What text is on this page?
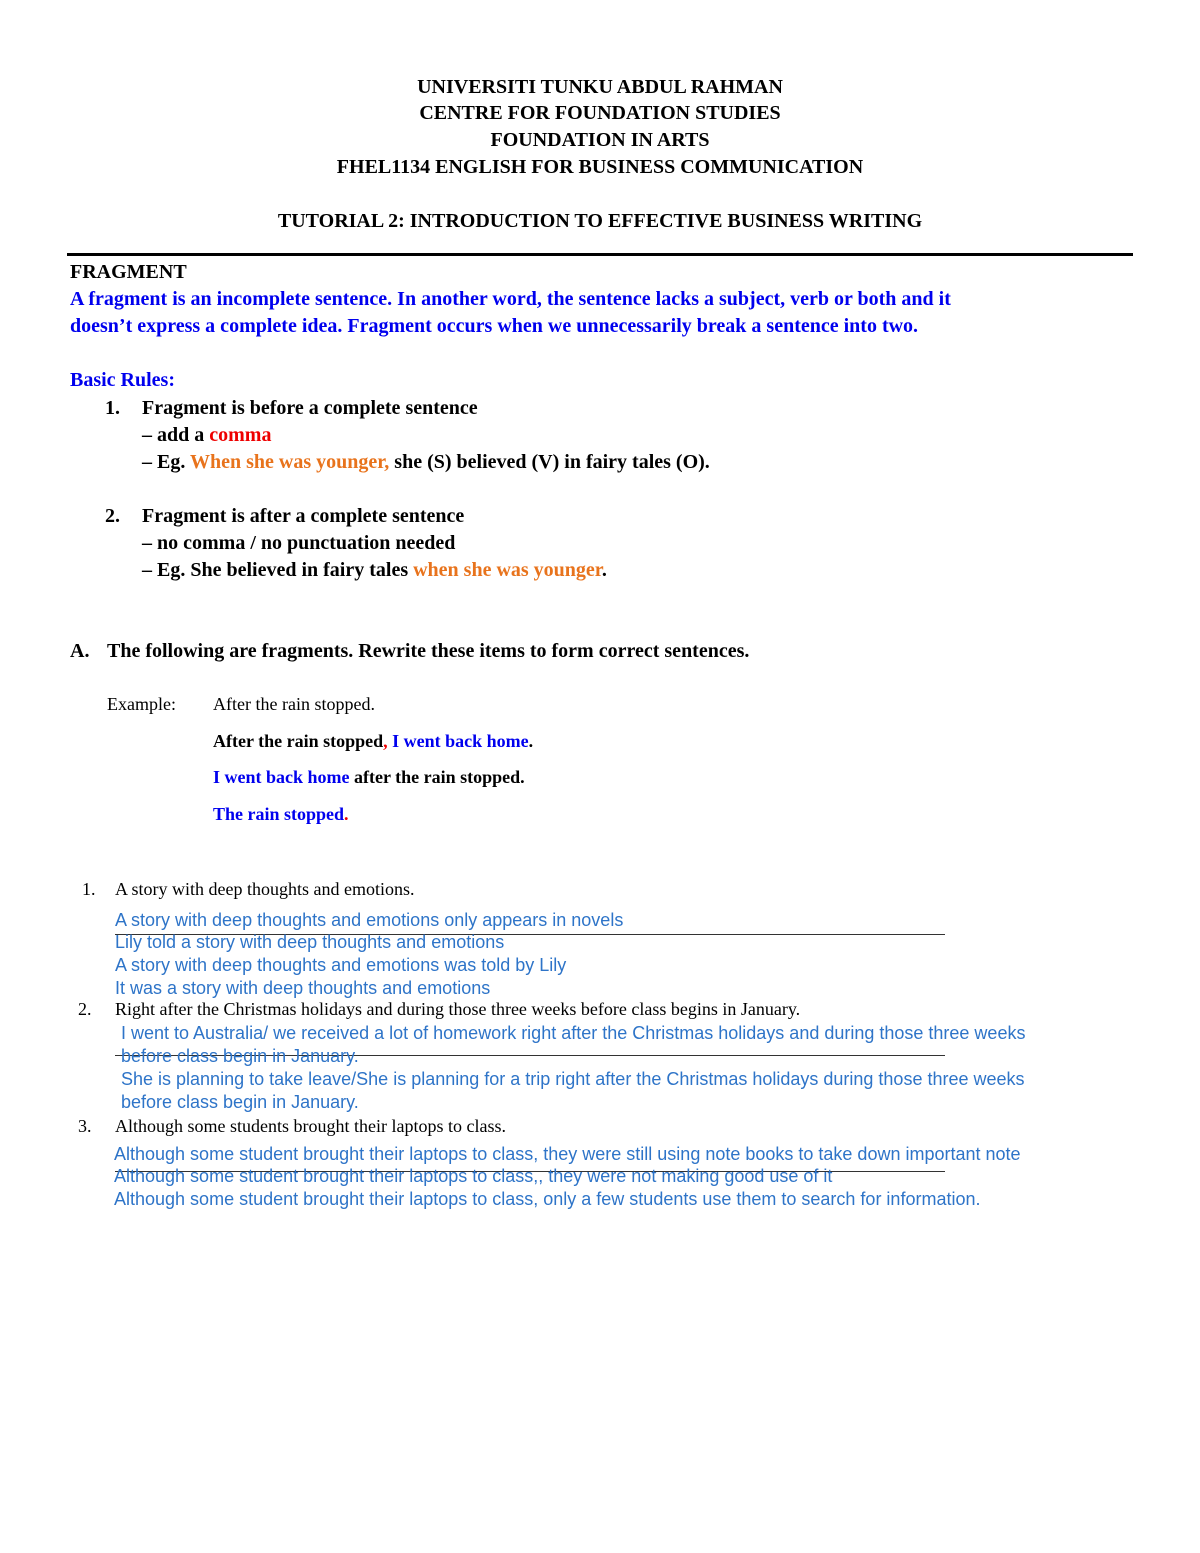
UNIVERSITI TUNKU ABDUL RAHMAN
CENTRE FOR FOUNDATION STUDIES
FOUNDATION IN ARTS
FHEL1134 ENGLISH FOR BUSINESS COMMUNICATION
TUTORIAL 2: INTRODUCTION TO EFFECTIVE BUSINESS WRITING
FRAGMENT
A fragment is an incomplete sentence. In another word, the sentence lacks a subject, verb or both and it
doesn’t express a complete idea. Fragment occurs when we unnecessarily break a sentence into two.
Basic Rules:
1. Fragment is before a complete sentence
– add a comma
– Eg. When she was younger, she (S) believed (V) in fairy tales (O).
2. Fragment is after a complete sentence
– no comma / no punctuation needed
– Eg. She believed in fairy tales when she was younger.
A. The following are fragments. Rewrite these items to form correct sentences.
Example: After the rain stopped.
After the rain stopped, I went back home.
I went back home after the rain stopped.
The rain stopped.
1. A story with deep thoughts and emotions.
A story with deep thoughts and emotions only appears in novels
Lily told a story with deep thoughts and emotions
A story with deep thoughts and emotions was told by Lily
It was a story with deep thoughts and emotions
2. Right after the Christmas holidays and during those three weeks before class begins in January.
I went to Australia/ we received a lot of homework right after the Christmas holidays and during those three weeks
before class begin in January.
She is planning to take leave/She is planning for a trip right after the Christmas holidays during those three weeks
before class begin in January.
3. Although some students brought their laptops to class.
Although some student brought their laptops to class, they were still using note books to take down important note
Although some student brought their laptops to class,, they were not making good use of it
Although some student brought their laptops to class, only a few students use them to search for information.
